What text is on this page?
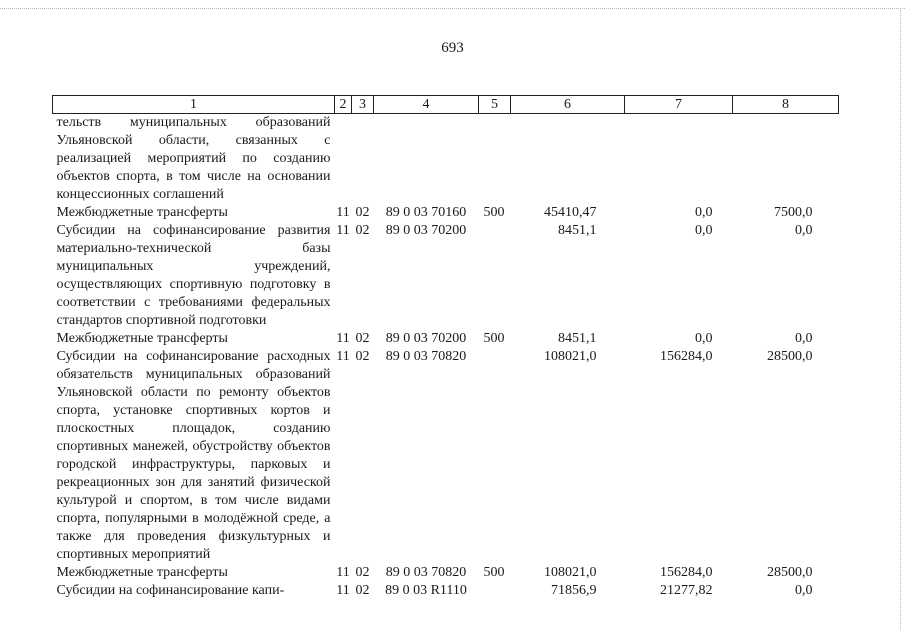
693
1	2	3	4	5	6	7	8
тельств муниципальных образований Ульяновской области, связанных с реализацией мероприятий по созданию объектов спорта, в том числе на основании концессионных соглашений							
Межбюджетные трансферты	11	02	89 0 03 70160	500	45410,47	0,0	7500,0
Субсидии на софинансирование развития материально-технической базы муниципальных учреждений, осуществляющих спортивную подготовку в соответствии с требованиями федеральных стандартов спортивной подготовки	11	02	89 0 03 70200		8451,1	0,0	0,0
Межбюджетные трансферты	11	02	89 0 03 70200	500	8451,1	0,0	0,0
Субсидии на софинансирование расходных обязательств муниципальных образований Ульяновской области по ремонту объектов спорта, установке спортивных кортов и плоскостных площадок, созданию спортивных манежей, обустройству объектов городской инфраструктуры, парковых и рекреационных зон для занятий физической культурой и спортом, в том числе видами спорта, популярными в молодёжной среде, а также для проведения физкультурных и спортивных мероприятий	11	02	89 0 03 70820		108021,0	156284,0	28500,0
Межбюджетные трансферты	11	02	89 0 03 70820	500	108021,0	156284,0	28500,0
Субсидии на софинансирование капи-	11	02	89 0 03 R1110		71856,9	21277,82	0,0
